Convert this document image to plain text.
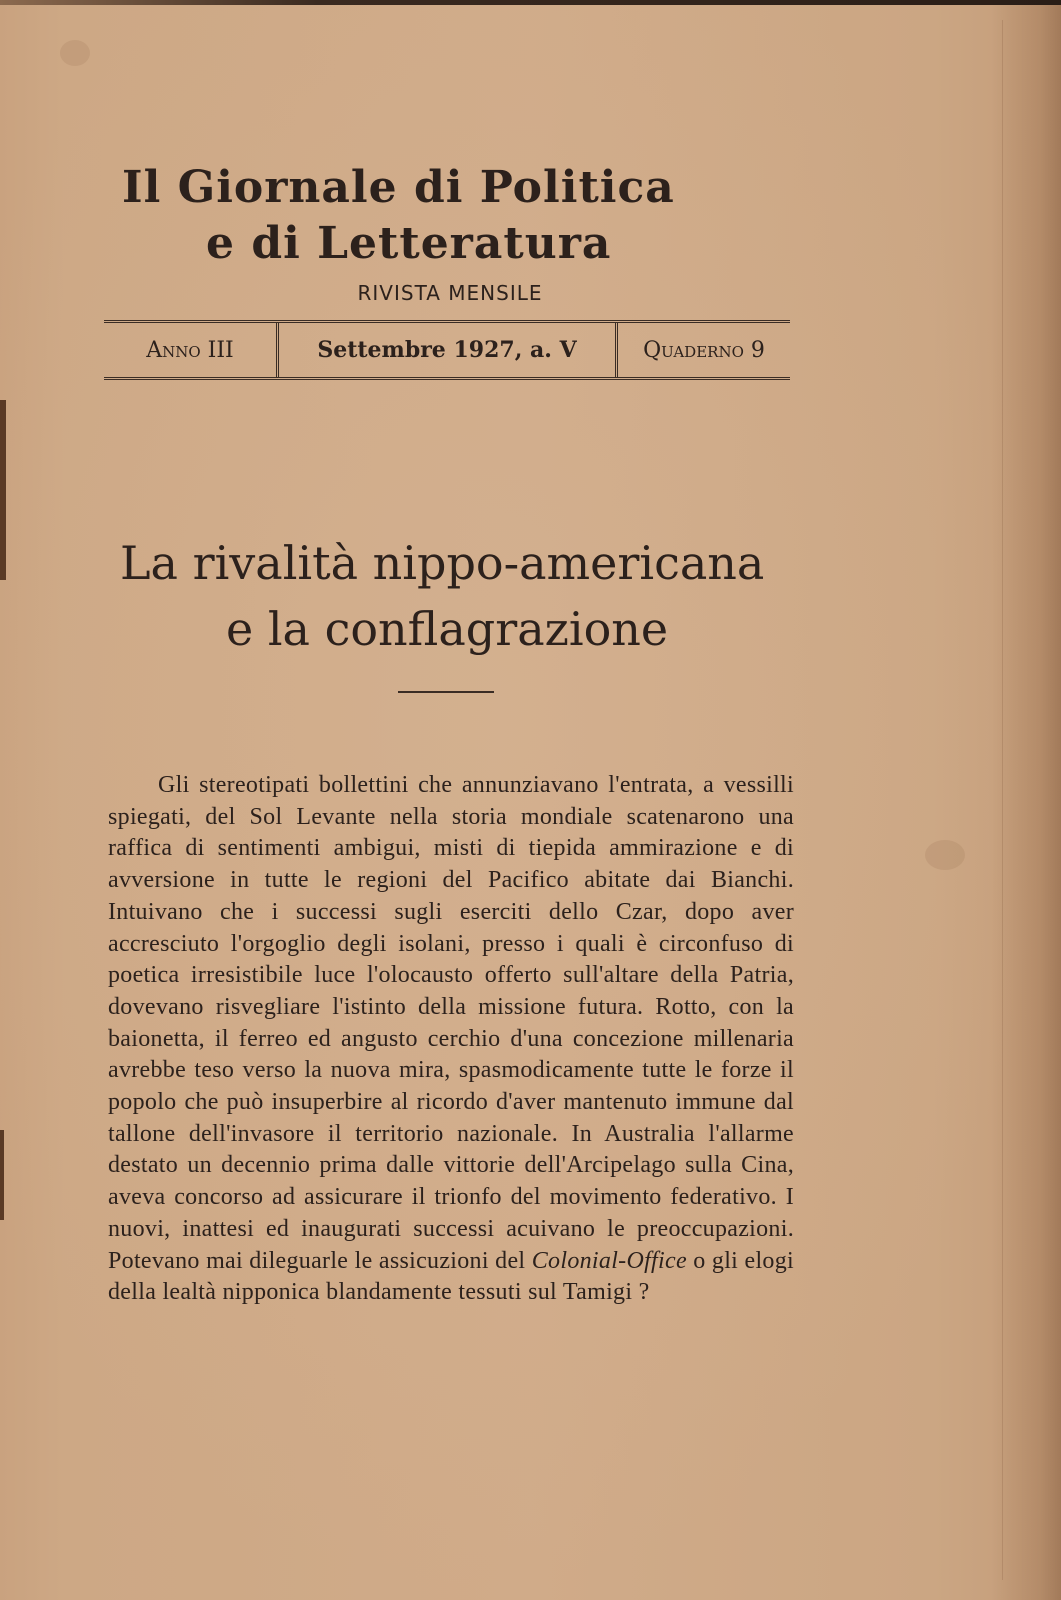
Il Giornale di Politica
e di Letteratura
RIVISTA MENSILE
Anno III	Settembre 1927, a. V	Quaderno 9
La rivalità nippo-americana
e la conflagrazione
Gli stereotipati bollettini che annunziavano l'entrata, a vessilli spiegati, del Sol Levante nella storia mondiale scatenarono una raffica di sentimenti ambigui, misti di tiepida ammirazione e di avversione in tutte le regioni del Pacifico abitate dai Bianchi. Intuivano che i successi sugli eserciti dello Czar, dopo aver accresciuto l'orgoglio degli isolani, presso i quali è circonfuso di poetica irresistibile luce l'olocausto offerto sull'altare della Patria, dovevano risvegliare l'istinto della missione futura. Rotto, con la baionetta, il ferreo ed angusto cerchio d'una concezione millenaria avrebbe teso verso la nuova mira, spasmodicamente tutte le forze il popolo che può insuperbire al ricordo d'aver mantenuto immune dal tallone dell'invasore il territorio nazionale. In Australia l'allarme destato un decennio prima dalle vittorie dell'Arcipelago sulla Cina, aveva concorso ad assicurare il trionfo del movimento federativo. I nuovi, inattesi ed inaugurati successi acuivano le preoccupazioni. Potevano mai dileguarle le assicuzioni del Colonial-Office o gli elogi della lealtà nipponica blandamente tessuti sul Tamigi ?
